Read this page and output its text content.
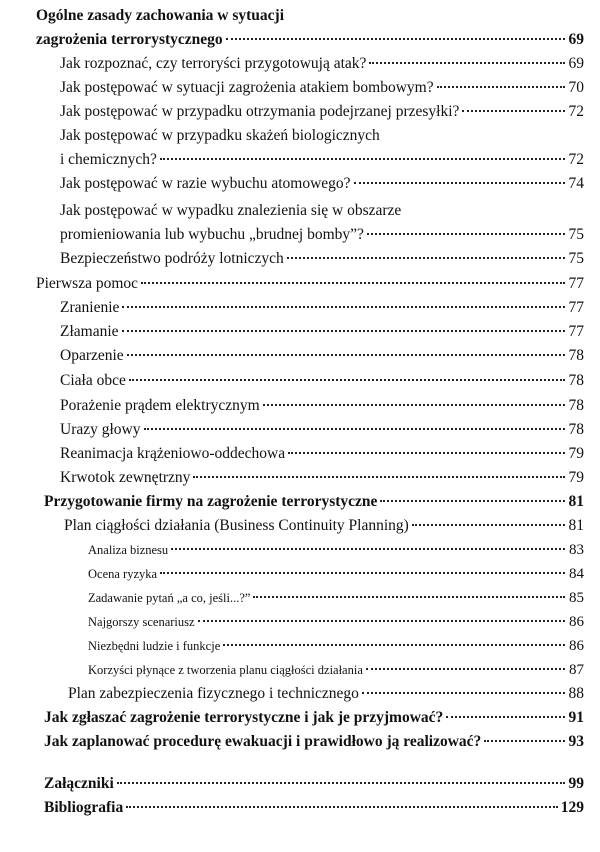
Ogólne zasady zachowania w sytuacji
zagrożenia terrorystycznego	69
Jak rozpoznać, czy terroryści przygotowują atak?	69
Jak postępować w sytuacji zagrożenia atakiem bombowym?	70
Jak postępować w przypadku otrzymania podejrzanej przesyłki?	72
Jak postępować w przypadku skażeń biologicznych
i chemicznych?	72
Jak postępować w razie wybuchu atomowego?	74
Jak postępować w wypadku znalezienia się w obszarze
promieniowania lub wybuchu „brudnej bomby”?	75
Bezpieczeństwo podróży lotniczych	75
Pierwsza pomoc	77
Zranienie	77
Złamanie	77
Oparzenie	78
Ciała obce	78
Porażenie prądem elektrycznym	78
Urazy głowy	78
Reanimacja krążeniowo-oddechowa	79
Krwotok zewnętrzny	79
Przygotowanie firmy na zagrożenie terrorystyczne	81
Plan ciągłości działania (Business Continuity Planning)	81
Analiza biznesu	83
Ocena ryzyka	84
Zadawanie pytań „a co, jeśli...?”	85
Najgorszy scenariusz	86
Niezbędni ludzie i funkcje	86
Korzyści płynące z tworzenia planu ciągłości działania	87
Plan zabezpieczenia fizycznego i technicznego	88
Jak zgłaszać zagrożenie terrorystyczne i jak je przyjmować?	91
Jak zaplanować procedurę ewakuacji i prawidłowo ją realizować?	93
Załączniki	99
Bibliografia	129
